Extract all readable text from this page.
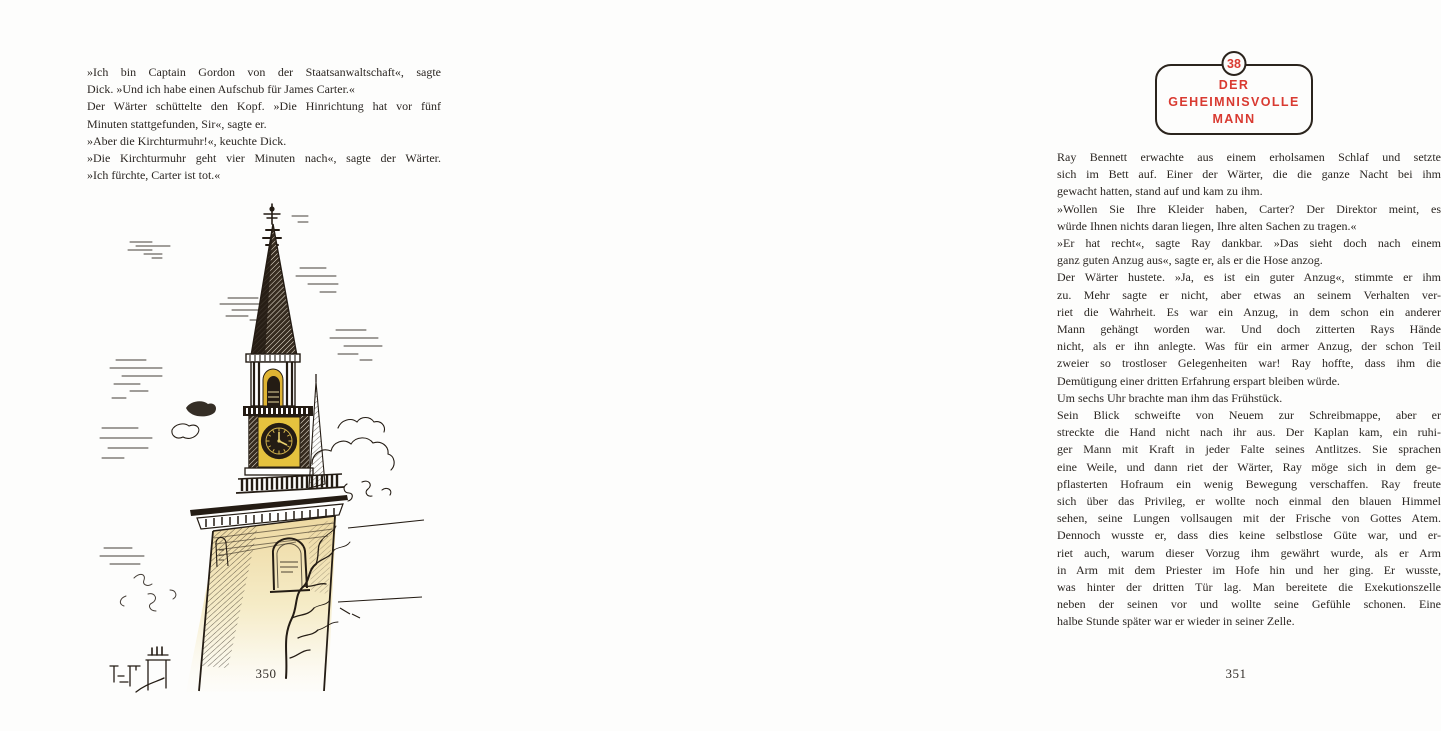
»Ich bin Captain Gordon von der Staatsanwaltschaft«, sagte
Dick. »Und ich habe einen Aufschub für James Carter.«
Der Wärter schüttelte den Kopf. »Die Hinrichtung hat vor fünf
Minuten stattgefunden, Sir«, sagte er.
»Aber die Kirchturmuhr!«, keuchte Dick.
»Die Kirchturmuhr geht vier Minuten nach«, sagte der Wärter.
»Ich fürchte, Carter ist tot.«
350
38
DER
GEHEIMNISVOLLE
MANN
Ray Bennett erwachte aus einem erholsamen Schlaf und setzte
sich im Bett auf. Einer der Wärter, die die ganze Nacht bei ihm
gewacht hatten, stand auf und kam zu ihm.
»Wollen Sie Ihre Kleider haben, Carter? Der Direktor meint, es
würde Ihnen nichts daran liegen, Ihre alten Sachen zu tragen.«
»Er hat recht«, sagte Ray dankbar. »Das sieht doch nach einem
ganz guten Anzug aus«, sagte er, als er die Hose anzog.
Der Wärter hustete. »Ja, es ist ein guter Anzug«, stimmte er ihm
zu. Mehr sagte er nicht, aber etwas an seinem Verhalten ver-
riet die Wahrheit. Es war ein Anzug, in dem schon ein anderer
Mann gehängt worden war. Und doch zitterten Rays Hände
nicht, als er ihn anlegte. Was für ein armer Anzug, der schon Teil
zweier so trostloser Gelegenheiten war! Ray hoffte, dass ihm die
Demütigung einer dritten Erfahrung erspart bleiben würde.
Um sechs Uhr brachte man ihm das Frühstück.
Sein Blick schweifte von Neuem zur Schreibmappe, aber er
streckte die Hand nicht nach ihr aus. Der Kaplan kam, ein ruhi-
ger Mann mit Kraft in jeder Falte seines Antlitzes. Sie sprachen
eine Weile, und dann riet der Wärter, Ray möge sich in dem ge-
pflasterten Hofraum ein wenig Bewegung verschaffen. Ray freute
sich über das Privileg, er wollte noch einmal den blauen Himmel
sehen, seine Lungen vollsaugen mit der Frische von Gottes Atem.
Dennoch wusste er, dass dies keine selbstlose Güte war, und er-
riet auch, warum dieser Vorzug ihm gewährt wurde, als er Arm
in Arm mit dem Priester im Hofe hin und her ging. Er wusste,
was hinter der dritten Tür lag. Man bereitete die Exekutionszelle
neben der seinen vor und wollte seine Gefühle schonen. Eine
halbe Stunde später war er wieder in seiner Zelle.
351
